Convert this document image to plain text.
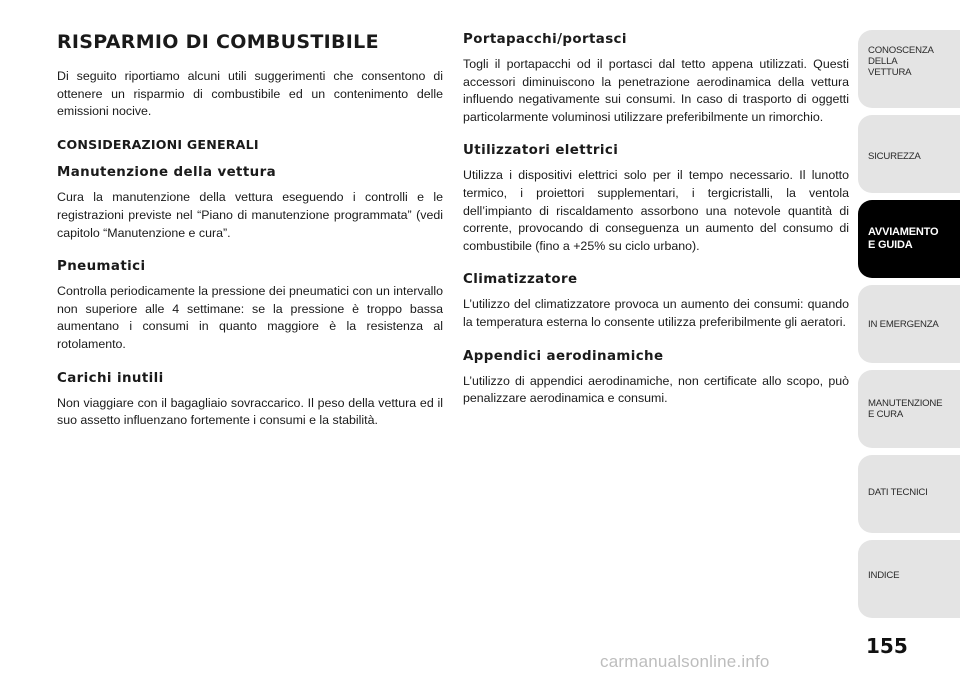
RISPARMIO DI COMBUSTIBILE

Di seguito riportiamo alcuni utili suggerimenti che consentono di ottenere un risparmio di combustibile ed un contenimento delle emissioni nocive.

CONSIDERAZIONI GENERALI
Manutenzione della vettura

Cura la manutenzione della vettura eseguendo i controlli e le registrazioni previste nel “Piano di manutenzione programmata” (vedi capitolo “Manutenzione e cura”.

Pneumatici

Controlla periodicamente la pressione dei pneumatici con un intervallo non superiore alle 4 settimane: se la pressione è troppo bassa aumentano i consumi in quanto maggiore è la resistenza al rotolamento.

Carichi inutili

Non viaggiare con il bagagliaio sovraccarico. Il peso della vettura ed il suo assetto influenzano fortemente i consumi e la stabilità.

Portapacchi/portasci

Togli il portapacchi od il portasci dal tetto appena utilizzati. Questi accessori diminuiscono la penetrazione aerodinamica della vettura influendo negativamente sui consumi. In caso di trasporto di oggetti particolarmente voluminosi utilizzare preferibilmente un rimorchio.

Utilizzatori elettrici

Utilizza i dispositivi elettrici solo per il tempo necessario. Il lunotto termico, i proiettori supplementari, i tergicristalli, la ventola dell’impianto di riscaldamento assorbono una notevole quantità di corrente, provocando di conseguenza un aumento del consumo di combustibile (fino a +25% su ciclo urbano).

Climatizzatore

L’utilizzo del climatizzatore provoca un aumento dei consumi: quando la temperatura esterna lo consente utilizza preferibilmente gli aeratori.

Appendici aerodinamiche

L’utilizzo di appendici aerodinamiche, non certificate allo scopo, può penalizzare aerodinamica e consumi.

CONOSCENZA
DELLA
VETTURA
SICUREZZA
AVVIAMENTO
E GUIDA
IN EMERGENZA
MANUTENZIONE
E CURA
DATI TECNICI
INDICE
155
carmanualsonline.info
